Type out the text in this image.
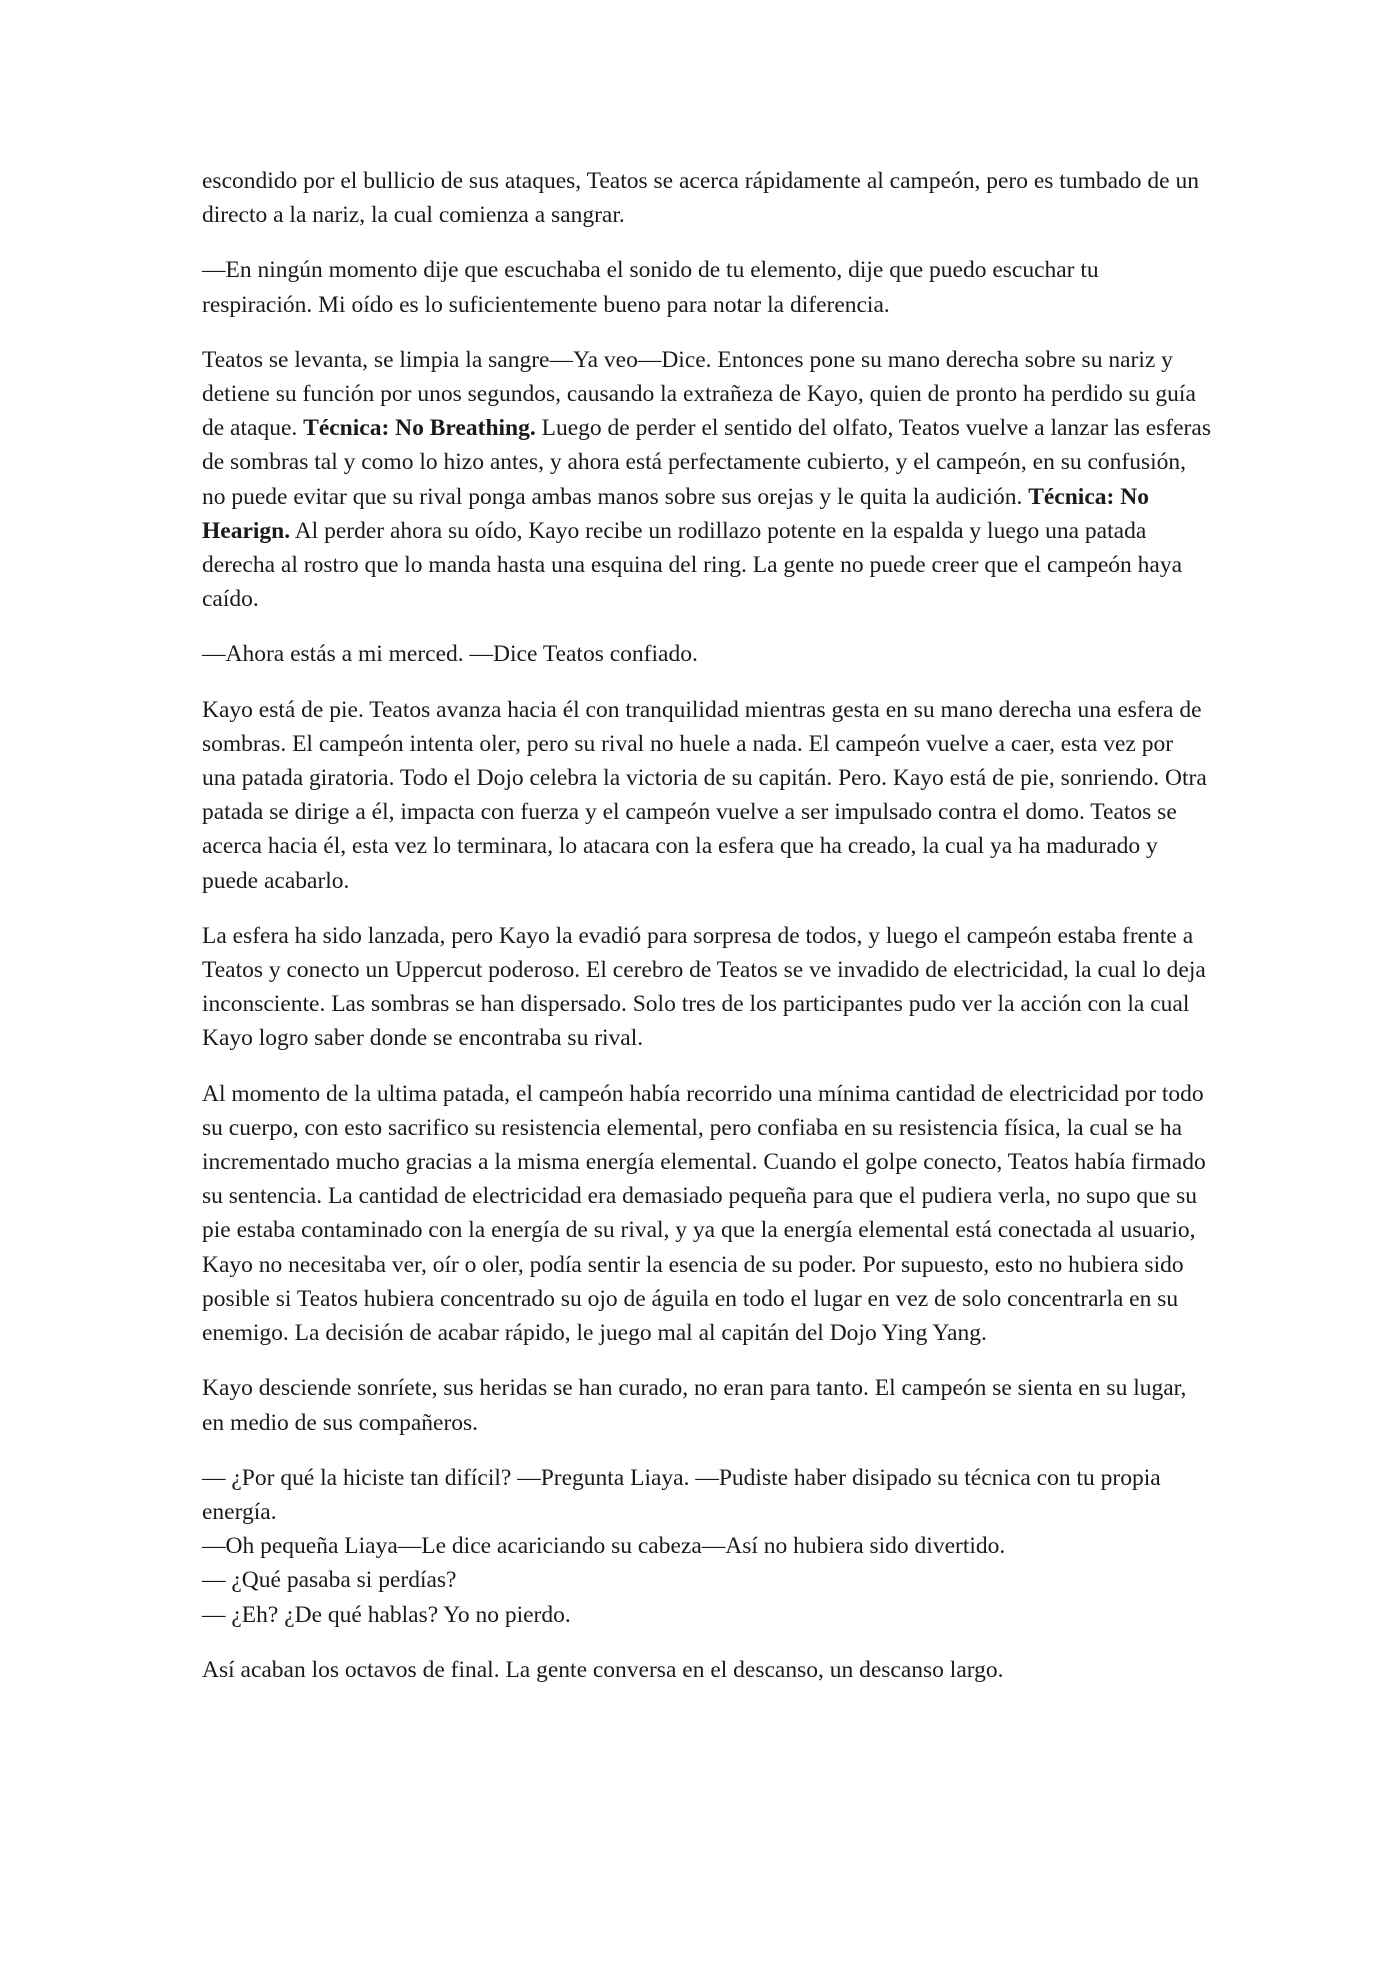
escondido por el bullicio de sus ataques, Teatos se acerca rápidamente al campeón, pero es tumbado de un directo a la nariz, la cual comienza a sangrar.

—En ningún momento dije que escuchaba el sonido de tu elemento, dije que puedo escuchar tu respiración. Mi oído es lo suficientemente bueno para notar la diferencia.

Teatos se levanta, se limpia la sangre—Ya veo—Dice. Entonces pone su mano derecha sobre su nariz y detiene su función por unos segundos, causando la extrañeza de Kayo, quien de pronto ha perdido su guía de ataque. Técnica: No Breathing. Luego de perder el sentido del olfato, Teatos vuelve a lanzar las esferas de sombras tal y como lo hizo antes, y ahora está perfectamente cubierto, y el campeón, en su confusión, no puede evitar que su rival ponga ambas manos sobre sus orejas y le quita la audición. Técnica: No Hearign. Al perder ahora su oído, Kayo recibe un rodillazo potente en la espalda y luego una patada derecha al rostro que lo manda hasta una esquina del ring. La gente no puede creer que el campeón haya caído.

—Ahora estás a mi merced. —Dice Teatos confiado.

Kayo está de pie. Teatos avanza hacia él con tranquilidad mientras gesta en su mano derecha una esfera de sombras. El campeón intenta oler, pero su rival no huele a nada. El campeón vuelve a caer, esta vez por una patada giratoria. Todo el Dojo celebra la victoria de su capitán. Pero. Kayo está de pie, sonriendo. Otra patada se dirige a él, impacta con fuerza y el campeón vuelve a ser impulsado contra el domo. Teatos se acerca hacia él, esta vez lo terminara, lo atacara con la esfera que ha creado, la cual ya ha madurado y puede acabarlo.

La esfera ha sido lanzada, pero Kayo la evadió para sorpresa de todos, y luego el campeón estaba frente a Teatos y conecto un Uppercut poderoso. El cerebro de Teatos se ve invadido de electricidad, la cual lo deja inconsciente. Las sombras se han dispersado. Solo tres de los participantes pudo ver la acción con la cual Kayo logro saber donde se encontraba su rival.

Al momento de la ultima patada, el campeón había recorrido una mínima cantidad de electricidad por todo su cuerpo, con esto sacrifico su resistencia elemental, pero confiaba en su resistencia física, la cual se ha incrementado mucho gracias a la misma energía elemental. Cuando el golpe conecto, Teatos había firmado su sentencia. La cantidad de electricidad era demasiado pequeña para que el pudiera verla, no supo que su pie estaba contaminado con la energía de su rival, y ya que la energía elemental está conectada al usuario, Kayo no necesitaba ver, oír o oler, podía sentir la esencia de su poder. Por supuesto, esto no hubiera sido posible si Teatos hubiera concentrado su ojo de águila en todo el lugar en vez de solo concentrarla en su enemigo. La decisión de acabar rápido, le juego mal al capitán del Dojo Ying Yang.

Kayo desciende sonríete, sus heridas se han curado, no eran para tanto. El campeón se sienta en su lugar, en medio de sus compañeros.

— ¿Por qué la hiciste tan difícil? —Pregunta Liaya. —Pudiste haber disipado su técnica con tu propia energía.

—Oh pequeña Liaya—Le dice acariciando su cabeza—Así no hubiera sido divertido.

— ¿Qué pasaba si perdías?

— ¿Eh? ¿De qué hablas? Yo no pierdo.

Así acaban los octavos de final. La gente conversa en el descanso, un descanso largo.
